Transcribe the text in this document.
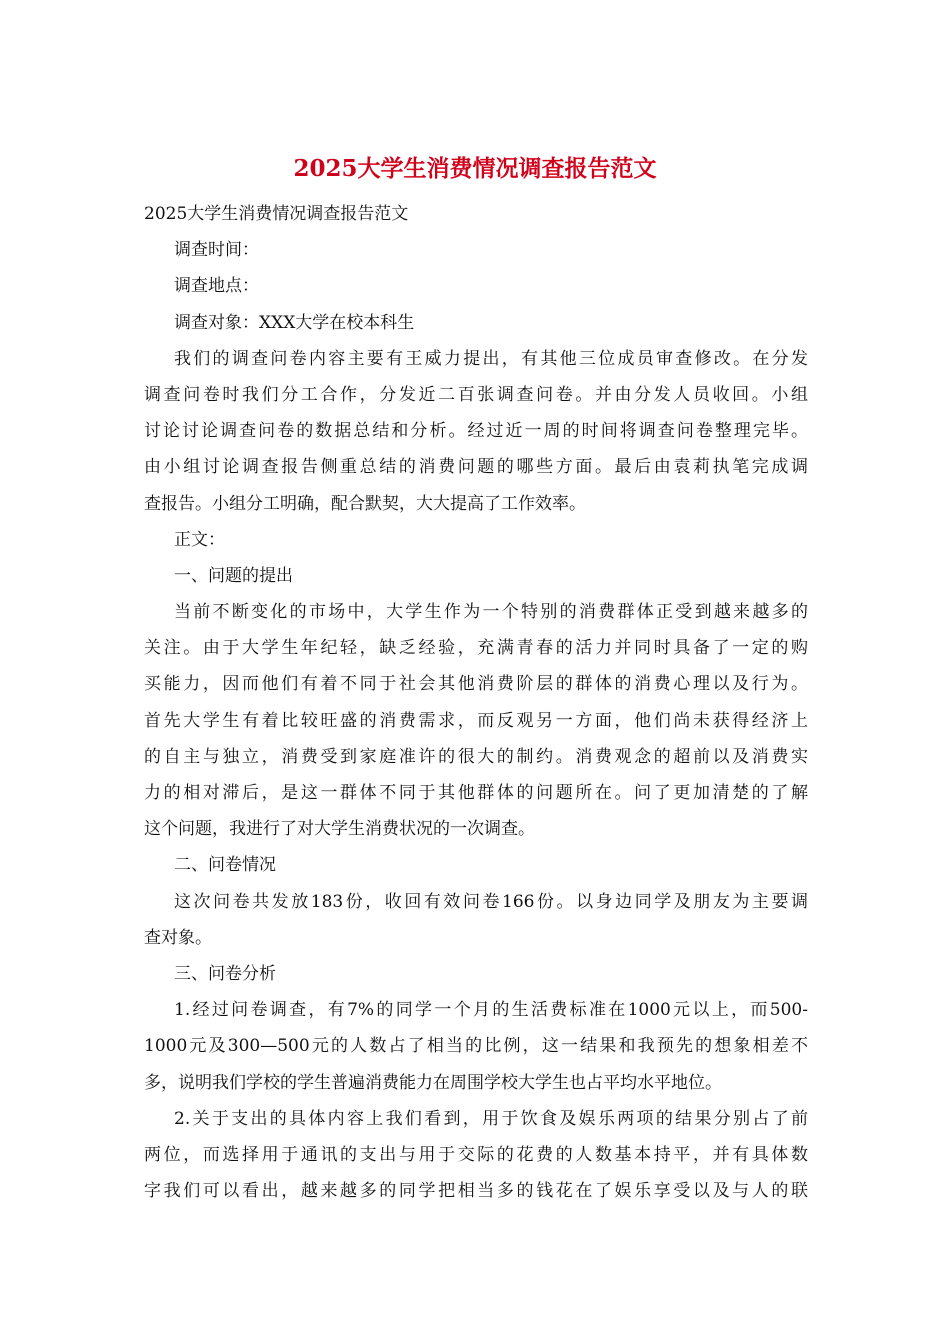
2025大学生消费情况调查报告范文
2025大学生消费情况调查报告范文
调查时间：
调查地点：
调查对象：XXX大学在校本科生
我们的调查问卷内容主要有王威力提出，有其他三位成员审查修改。在分发
调查问卷时我们分工合作，分发近二百张调查问卷。并由分发人员收回。小组
讨论讨论调查问卷的数据总结和分析。经过近一周的时间将调查问卷整理完毕。
由小组讨论调查报告侧重总结的消费问题的哪些方面。最后由袁莉执笔完成调
查报告。小组分工明确，配合默契，大大提高了工作效率。
正文：
一、问题的提出
当前不断变化的市场中，大学生作为一个特别的消费群体正受到越来越多的
关注。由于大学生年纪轻，缺乏经验，充满青春的活力并同时具备了一定的购
买能力，因而他们有着不同于社会其他消费阶层的群体的消费心理以及行为。
首先大学生有着比较旺盛的消费需求，而反观另一方面，他们尚未获得经济上
的自主与独立，消费受到家庭准许的很大的制约。消费观念的超前以及消费实
力的相对滞后，是这一群体不同于其他群体的问题所在。问了更加清楚的了解
这个问题，我进行了对大学生消费状况的一次调查。
二、问卷情况
这次问卷共发放183份，收回有效问卷166份。以身边同学及朋友为主要调
查对象。
三、问卷分析
1.经过问卷调查，有7%的同学一个月的生活费标准在1000元以上，而500-
1000元及300—500元的人数占了相当的比例，这一结果和我预先的想象相差不
多，说明我们学校的学生普遍消费能力在周围学校大学生也占平均水平地位。
2.关于支出的具体内容上我们看到，用于饮食及娱乐两项的结果分别占了前
两位，而选择用于通讯的支出与用于交际的花费的人数基本持平，并有具体数
字我们可以看出，越来越多的同学把相当多的钱花在了娱乐享受以及与人的联
